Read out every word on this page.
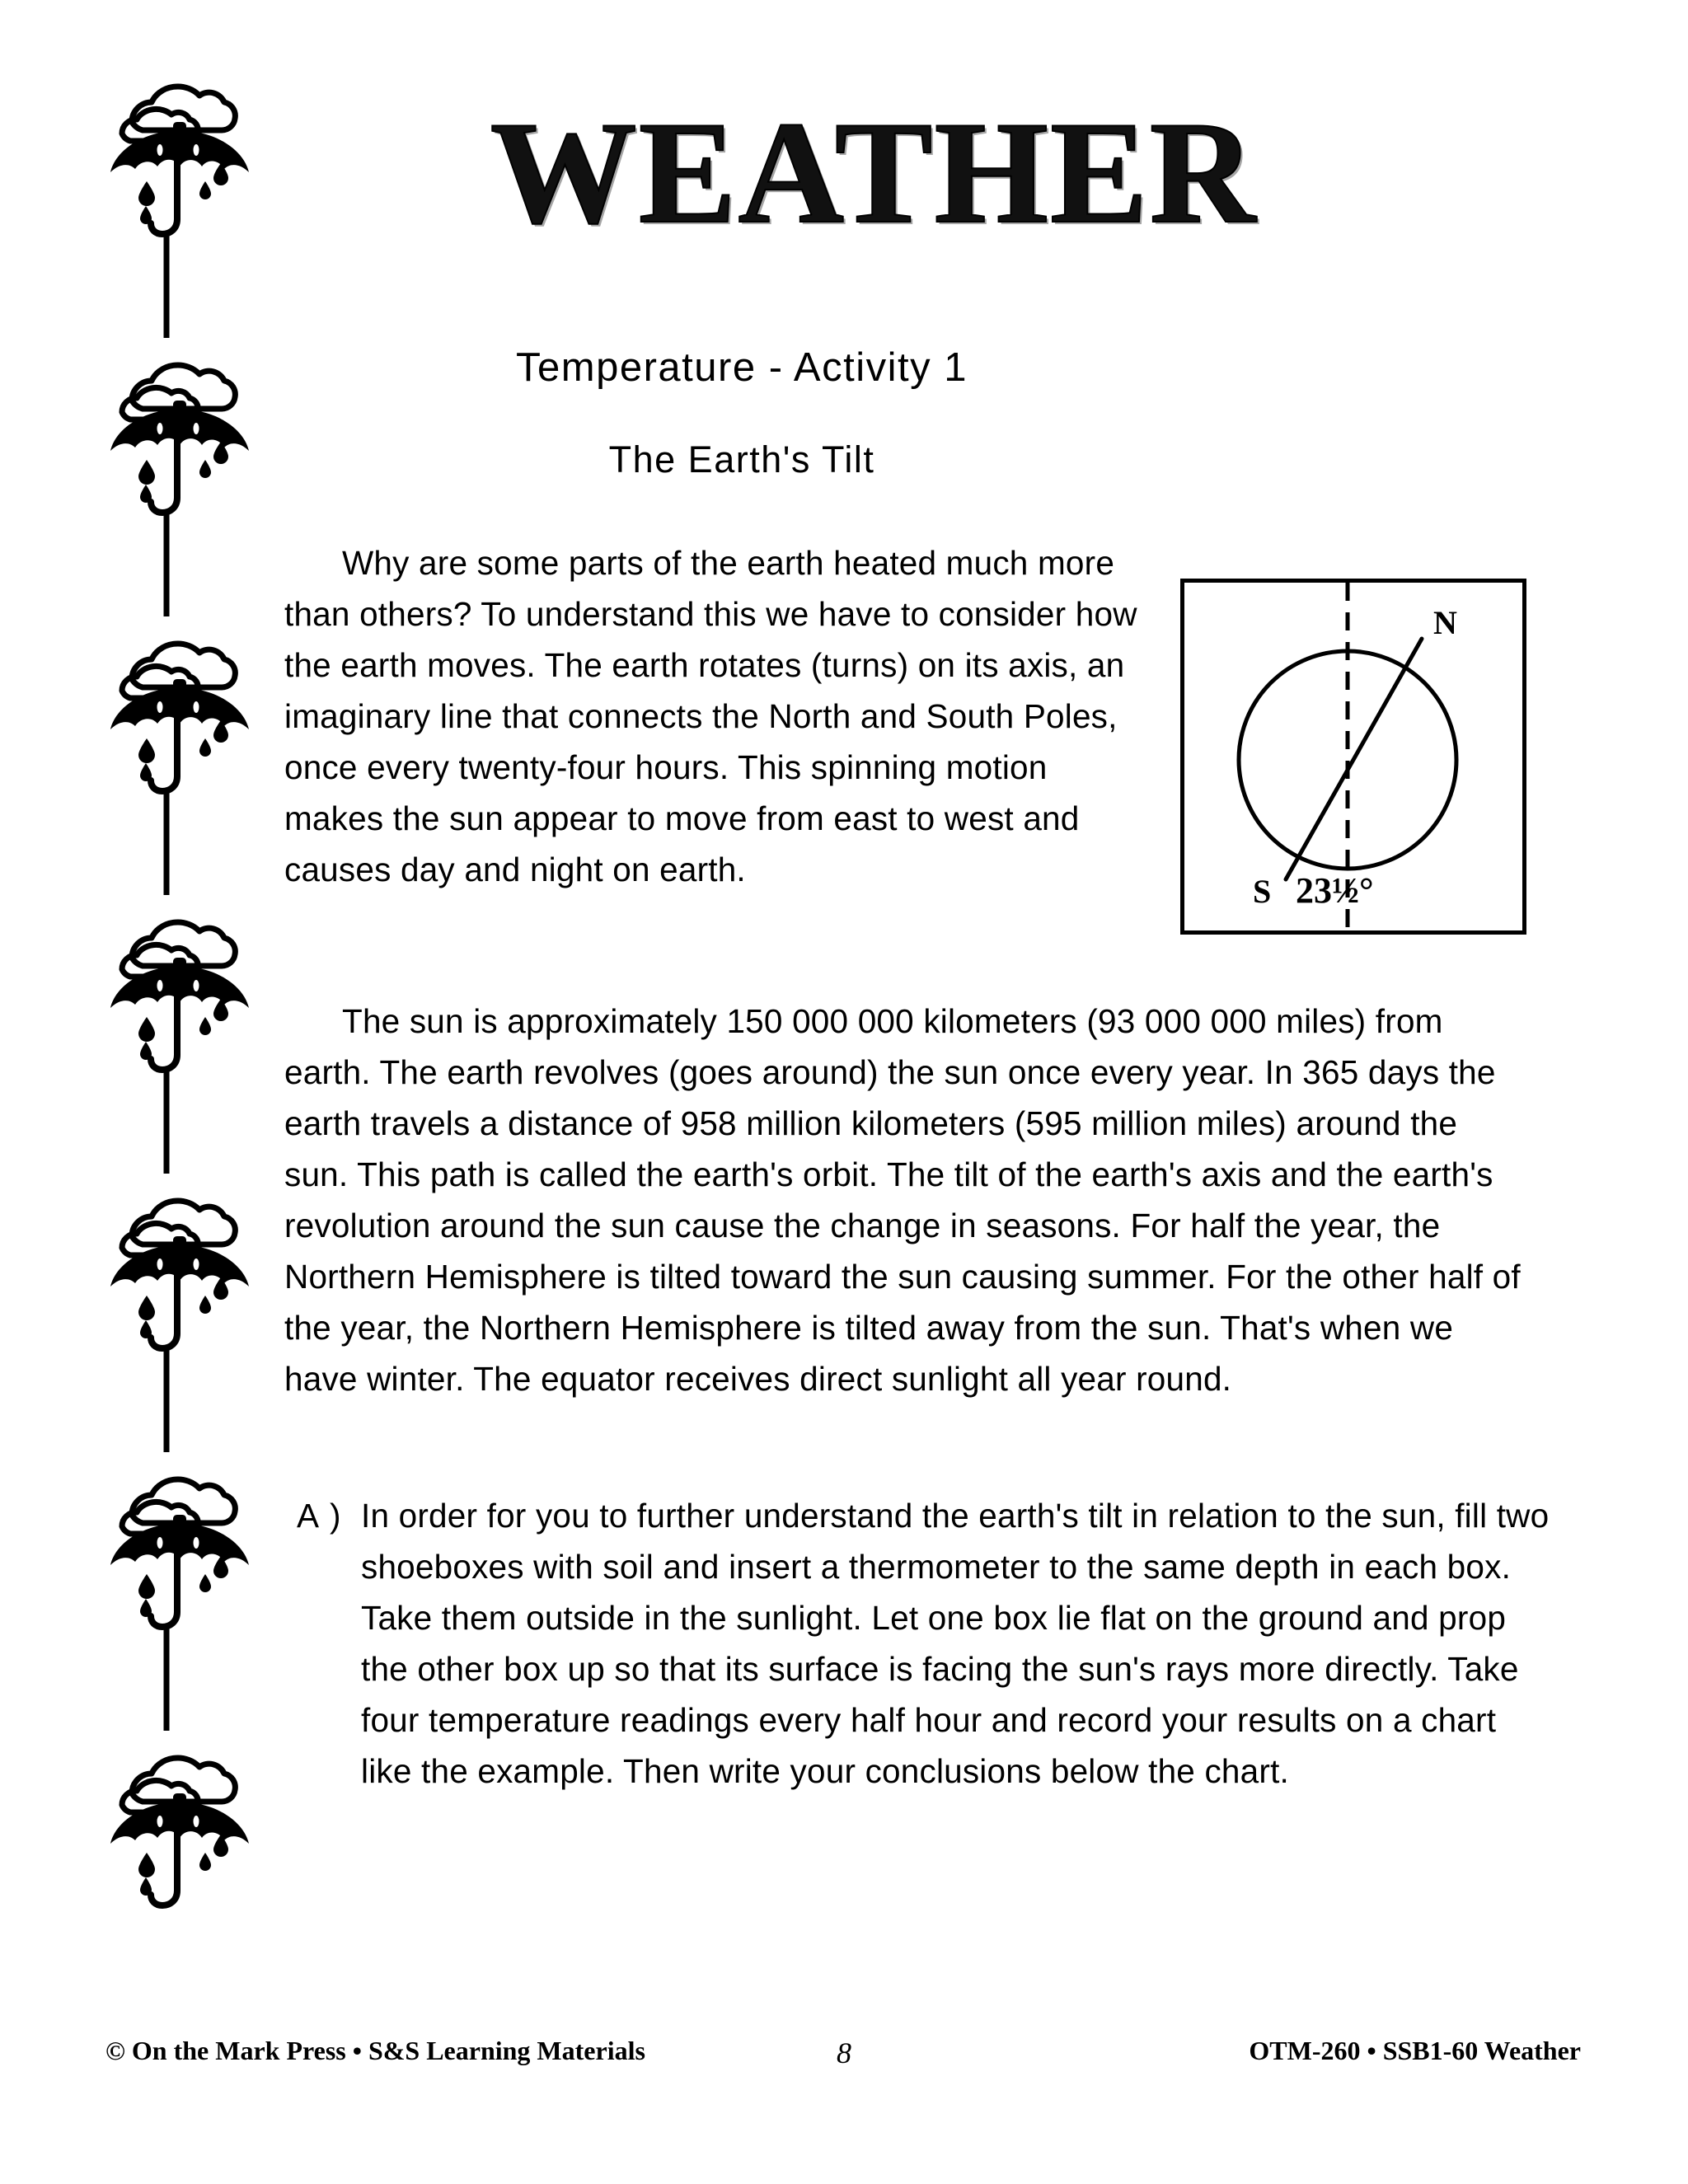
WEATHER
Temperature - Activity 1
The Earth's Tilt
Why are some parts of the earth heated much more than others? To understand this we have to consider how the earth moves. The earth rotates (turns) on its axis, an imaginary line that connects the North and South Poles, once every twenty-four hours. This spinning motion makes the sun appear to move from east to west and causes day and night on earth.
N
S 23½°
The sun is approximately 150 000 000 kilometers (93 000 000 miles) from earth. The earth revolves (goes around) the sun once every year. In 365 days the earth travels a distance of 958 million kilometers (595 million miles) around the sun. This path is called the earth's orbit. The tilt of the earth's axis and the earth's revolution around the sun cause the change in seasons. For half the year, the Northern Hemisphere is tilted toward the sun causing summer. For the other half of the year, the Northern Hemisphere is tilted away from the sun. That's when we have winter. The equator receives direct sunlight all year round.
A ) In order for you to further understand the earth's tilt in relation to the sun, fill two shoeboxes with soil and insert a thermometer to the same depth in each box. Take them outside in the sunlight. Let one box lie flat on the ground and prop the other box up so that its surface is facing the sun's rays more directly. Take four temperature readings every half hour and record your results on a chart like the example. Then write your conclusions below the chart.
© On the Mark Press • S&S Learning Materials	8	OTM-260 • SSB1-60 Weather
